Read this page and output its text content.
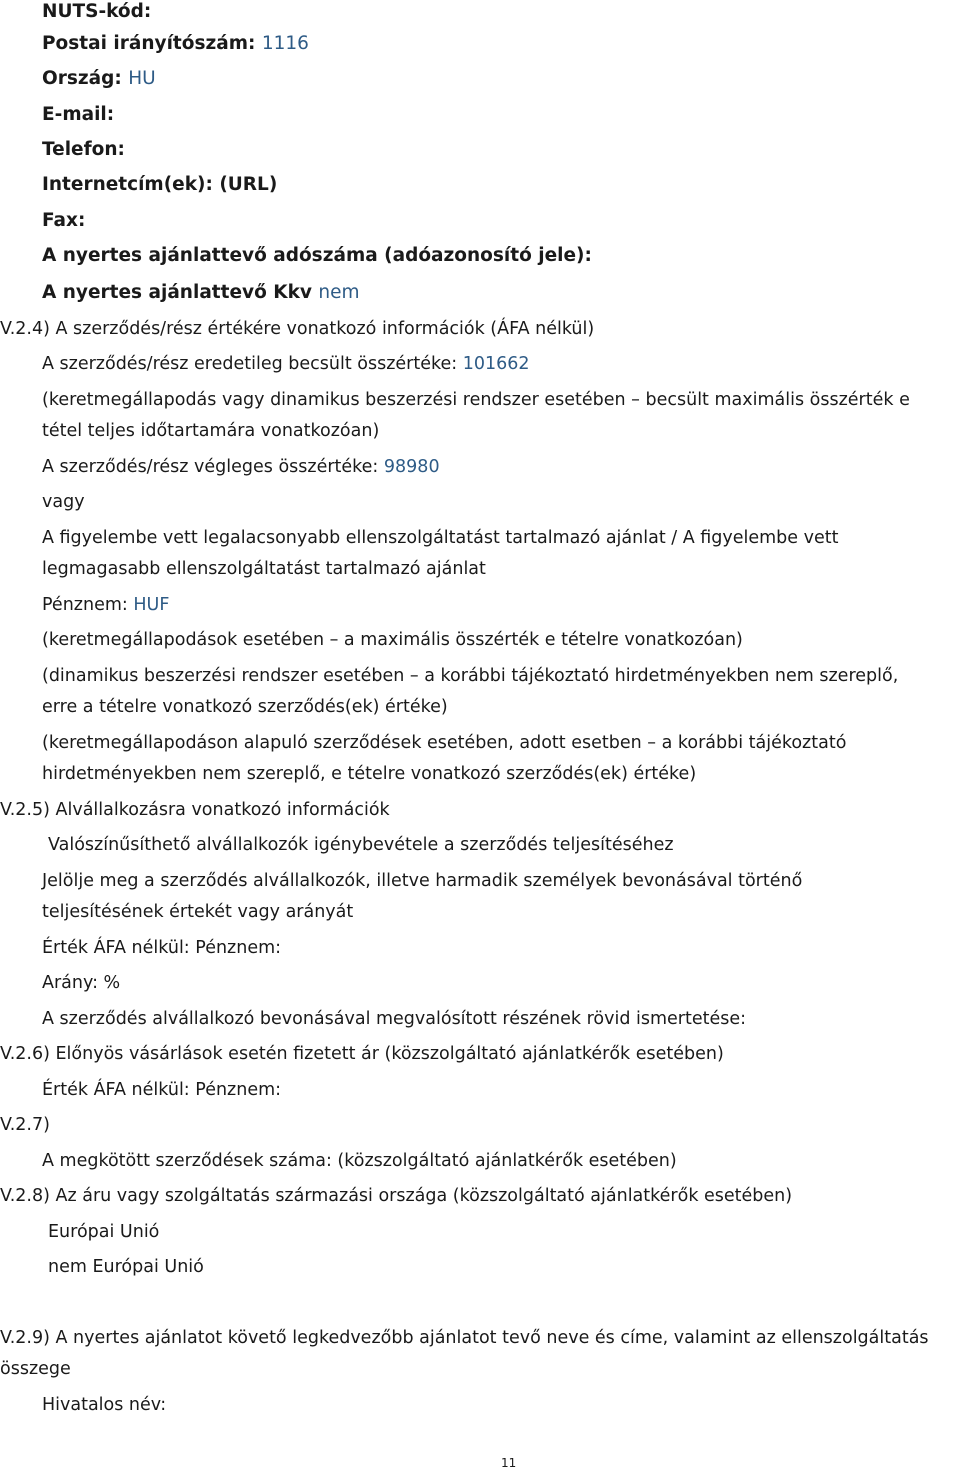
NUTS-kód:
Postai irányítószám: 1116
Ország: HU
E-mail:
Telefon:
Internetcím(ek): (URL)
Fax:
A nyertes ajánlattevő adószáma (adóazonosító jele):
A nyertes ajánlattevő Kkv nem
V.2.4) A szerződés/rész értékére vonatkozó információk (ÁFA nélkül)
A szerződés/rész eredetileg becsült összértéke: 101662
(keretmegállapodás vagy dinamikus beszerzési rendszer esetében – becsült maximális összérték e
tétel teljes időtartamára vonatkozóan)
A szerződés/rész végleges összértéke: 98980
vagy
A figyelembe vett legalacsonyabb ellenszolgáltatást tartalmazó ajánlat / A figyelembe vett
legmagasabb ellenszolgáltatást tartalmazó ajánlat
Pénznem: HUF
(keretmegállapodások esetében – a maximális összérték e tételre vonatkozóan)
(dinamikus beszerzési rendszer esetében – a korábbi tájékoztató hirdetményekben nem szereplő,
erre a tételre vonatkozó szerződés(ek) értéke)
(keretmegállapodáson alapuló szerződések esetében, adott esetben – a korábbi tájékoztató
hirdetményekben nem szereplő, e tételre vonatkozó szerződés(ek) értéke)
V.2.5) Alvállalkozásra vonatkozó információk
Valószínűsíthető alvállalkozók igénybevétele a szerződés teljesítéséhez
Jelölje meg a szerződés alvállalkozók, illetve harmadik személyek bevonásával történő
teljesítésének értekét vagy arányát
Érték ÁFA nélkül: Pénznem:
Arány: %
A szerződés alvállalkozó bevonásával megvalósított részének rövid ismertetése:
V.2.6) Előnyös vásárlások esetén fizetett ár (közszolgáltató ajánlatkérők esetében)
Érték ÁFA nélkül: Pénznem:
V.2.7)
A megkötött szerződések száma: (közszolgáltató ajánlatkérők esetében)
V.2.8) Az áru vagy szolgáltatás származási országa (közszolgáltató ajánlatkérők esetében)
Európai Unió
nem Európai Unió
V.2.9) A nyertes ajánlatot követő legkedvezőbb ajánlatot tevő neve és címe, valamint az ellenszolgáltatás
összege
Hivatalos név:
11
